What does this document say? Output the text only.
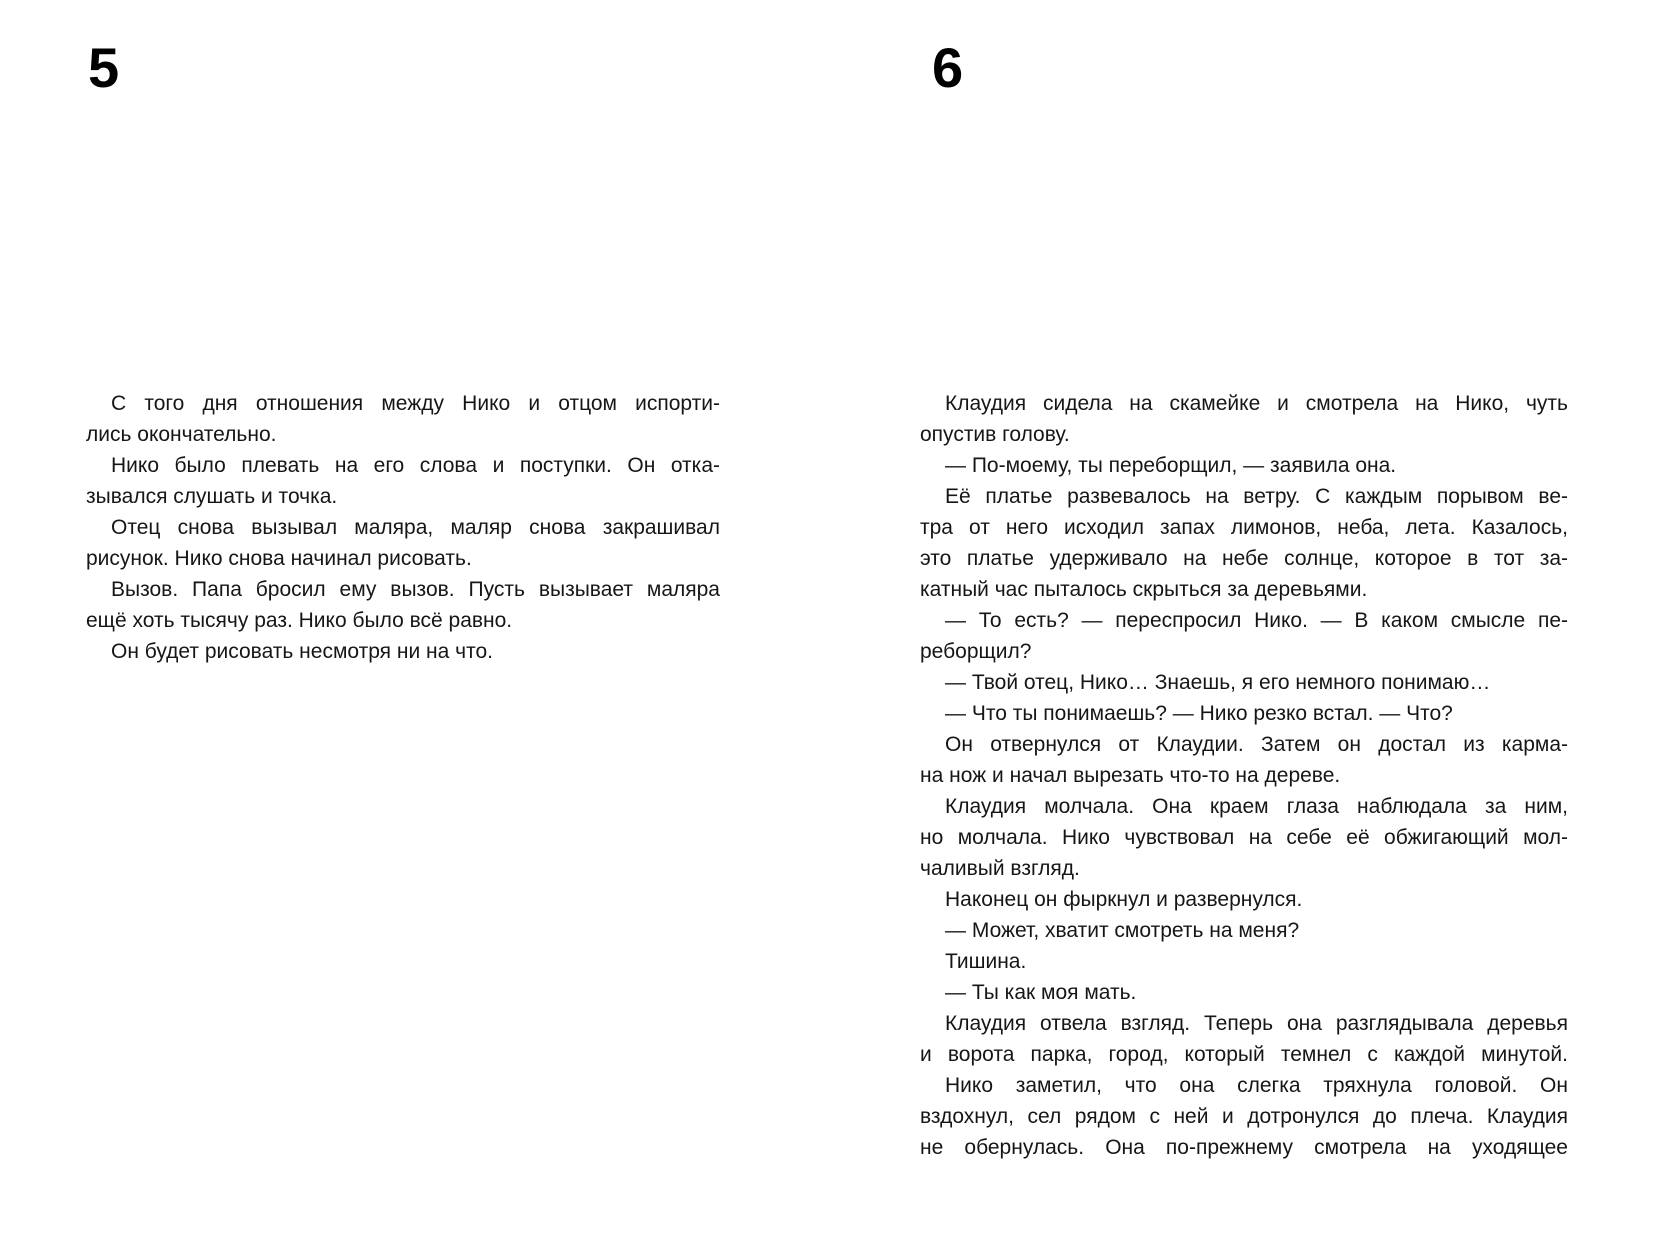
5	6
С того дня отношения между Нико и отцом испорти-
лись окончательно.
Нико было плевать на его слова и поступки. Он отка-
зывался слушать и точка.
Отец снова вызывал маляра, маляр снова закрашивал
рисунок. Нико снова начинал рисовать.
Вызов. Папа бросил ему вызов. Пусть вызывает маляра
ещё хоть тысячу раз. Нико было всё равно.
Он будет рисовать несмотря ни на что.
Клаудия сидела на скамейке и смотрела на Нико, чуть
опустив голову.
— По-моему, ты переборщил, — заявила она.
Её платье развевалось на ветру. С каждым порывом ве-
тра от него исходил запах лимонов, неба, лета. Казалось,
это платье удерживало на небе солнце, которое в тот за-
катный час пыталось скрыться за деревьями.
— То есть? — переспросил Нико. — В каком смысле пе-
реборщил?
— Твой отец, Нико… Знаешь, я его немного понимаю…
— Что ты понимаешь? — Нико резко встал. — Что?
Он отвернулся от Клаудии. Затем он достал из карма-
на нож и начал вырезать что-то на дереве.
Клаудия молчала. Она краем глаза наблюдала за ним,
но молчала. Нико чувствовал на себе её обжигающий мол-
чаливый взгляд.
Наконец он фыркнул и развернулся.
— Может, хватит смотреть на меня?
Тишина.
— Ты как моя мать.
Клаудия отвела взгляд. Теперь она разглядывала деревья
и ворота парка, город, который темнел с каждой минутой.
Нико заметил, что она слегка тряхнула головой. Он
вздохнул, сел рядом с ней и дотронулся до плеча. Клаудия
не обернулась. Она по-прежнему смотрела на уходящее
